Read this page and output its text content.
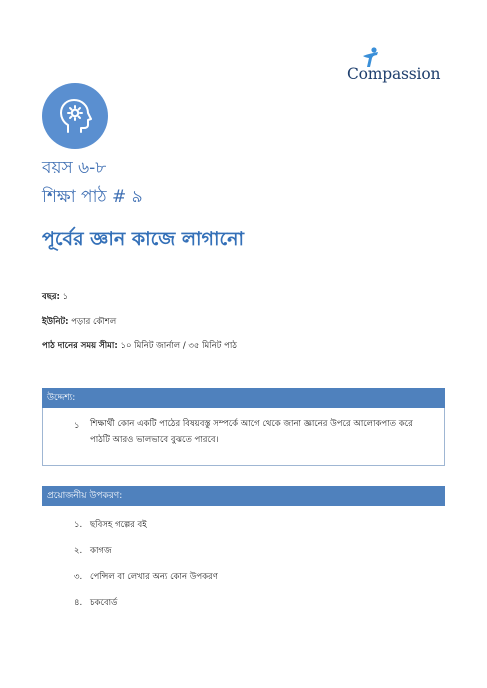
Compassion
বয়স ৬-৮
শিক্ষা পাঠ # ৯
পূর্বের জ্ঞান কাজে লাগানো
বছর: ১
ইউনিট: পড়ার কৌশল
পাঠ দানের সময় সীমা: ১০ মিনিট জার্নাল / ৩৫ মিনিট পাঠ
উদ্দেশ্য:
১ শিক্ষার্থী কোন একটি পাঠের বিষয়বস্তু সম্পর্কে আগে থেকে জানা জ্ঞানের উপরে আলোকপাত করে পাঠটি আরও ভালভাবে বুঝতে পারবে।
প্রয়োজনীয় উপকরণ:
১. ছবিসহ গল্পের বই
২. কাগজ
৩. পেন্সিল বা লেখার অন্য কোন উপকরণ
৪. চকবোর্ড
